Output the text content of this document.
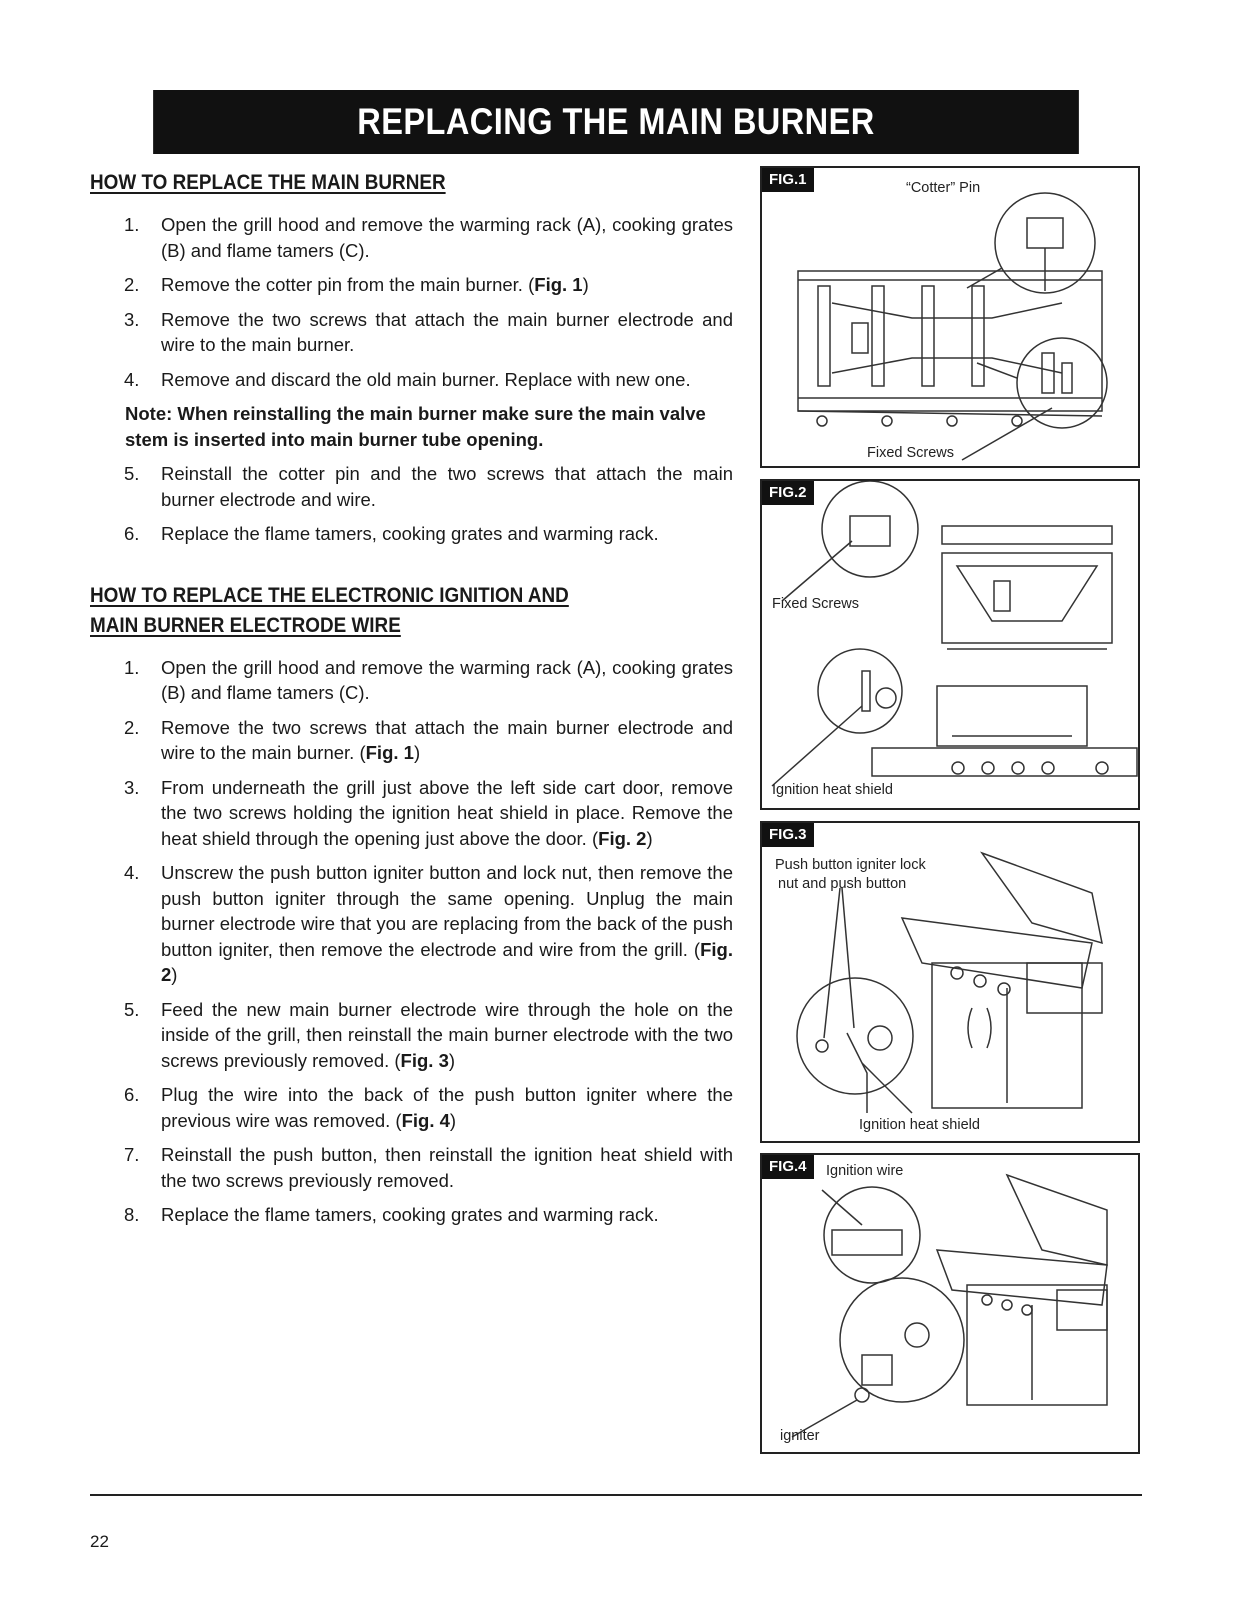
REPLACING THE MAIN BURNER
HOW TO REPLACE THE MAIN BURNER
1. Open the grill hood and remove the warming rack (A), cooking grates (B) and flame tamers (C).
2. Remove the cotter pin from the main burner. (Fig. 1)
3. Remove the two screws that attach the main burner electrode and wire to the main burner.
4. Remove and discard the old main burner. Replace with new one.
Note: When reinstalling the main burner make sure the main valve stem is inserted into main burner tube opening.
5. Reinstall the cotter pin and the two screws that attach the main burner electrode and wire.
6. Replace the flame tamers, cooking grates and warming rack.
HOW TO REPLACE THE ELECTRONIC IGNITION AND
MAIN BURNER ELECTRODE WIRE
1. Open the grill hood and remove the warming rack (A), cooking grates (B) and flame tamers (C).
2. Remove the two screws that attach the main burner electrode and wire to the main burner. (Fig. 1)
3. From underneath the grill just above the left side cart door, remove the two screws holding the ignition heat shield in place. Remove the heat shield through the opening just above the door. (Fig. 2)
4. Unscrew the push button igniter button and lock nut, then remove the push button igniter through the same opening. Unplug the main burner electrode wire that you are replacing from the back of the push button igniter, then remove the electrode and wire from the grill. (Fig. 2)
5. Feed the new main burner electrode wire through the hole on the inside of the grill, then reinstall the main burner electrode with the two screws previously removed. (Fig. 3)
6. Plug the wire into the back of the push button igniter where the previous wire was removed. (Fig. 4)
7. Reinstall the push button, then reinstall the ignition heat shield with the two screws previously removed.
8. Replace the flame tamers, cooking grates and warming rack.
FIG.1	“Cotter” Pin
Fixed Screws
FIG.2
Fixed Screws
Ignition heat shield
FIG.3
Push button igniter lock
nut and push button
Ignition heat shield
FIG.4	Ignition wire
igniter
22
